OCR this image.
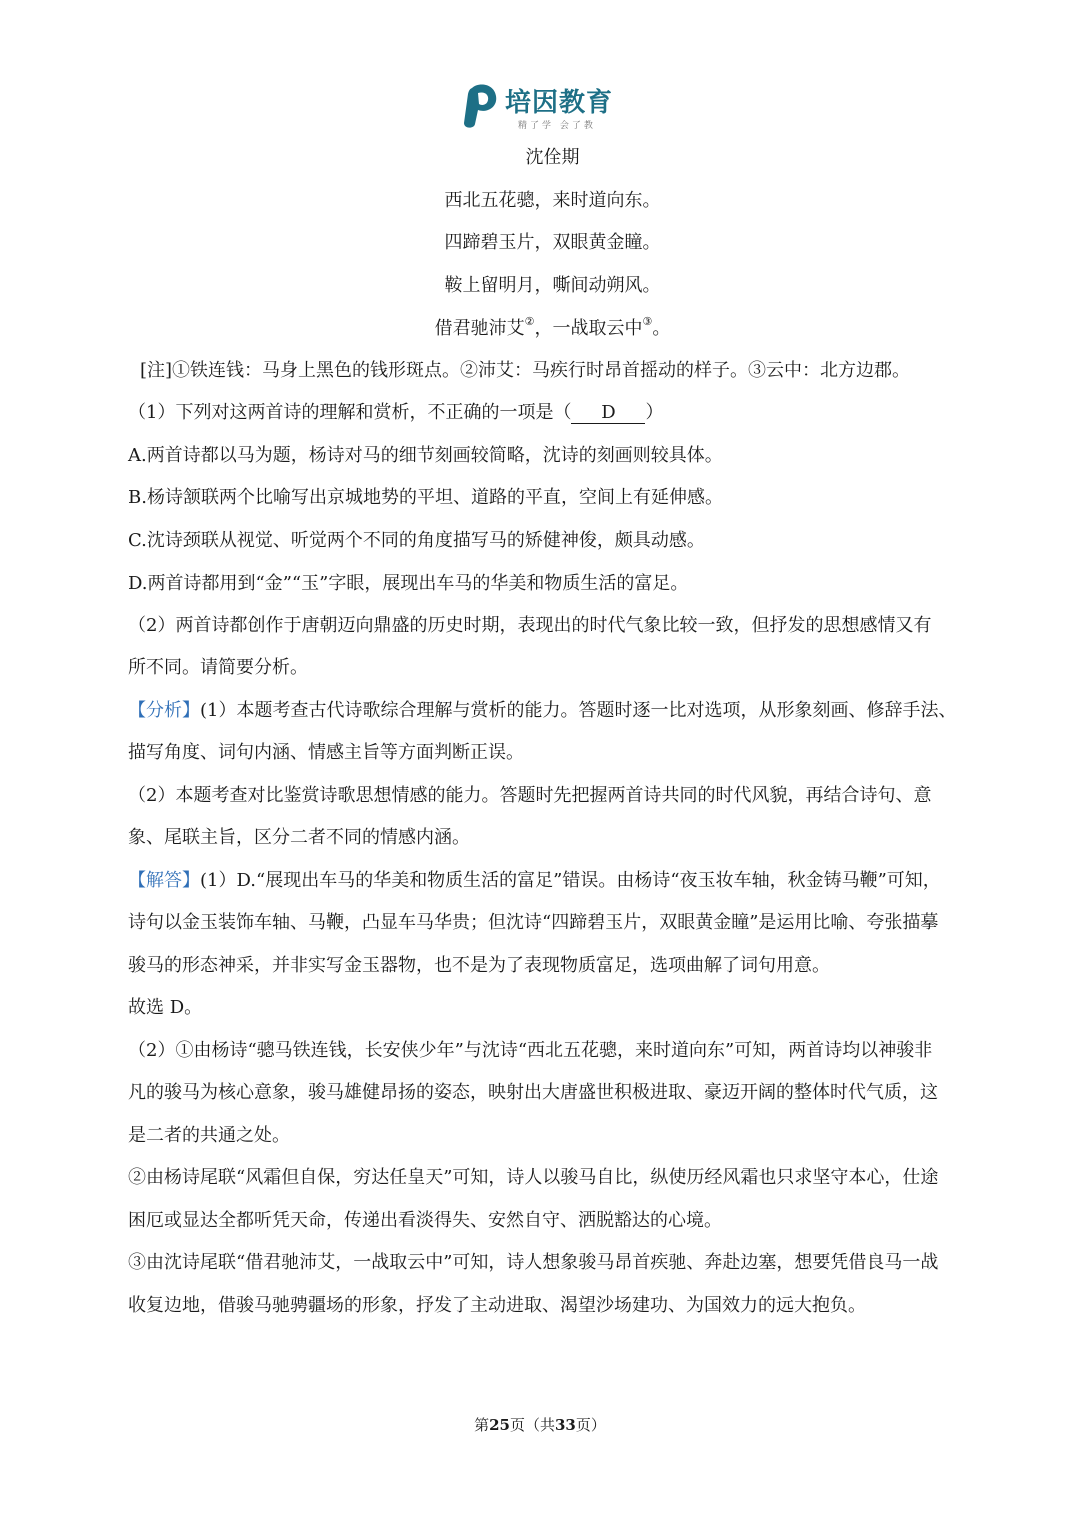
培因教育
精了学 会了教
沈佺期
西北五花骢，来时道向东。
四蹄碧玉片，双眼黄金瞳。
鞍上留明月，嘶间动朔风。
借君驰沛艾②，一战取云中③。
[注]①铁连钱：马身上黑色的钱形斑点。②沛艾：马疾行时昂首摇动的样子。③云中：北方边郡。
（1）下列对这两首诗的理解和赏析，不正确的一项是（ D ）
A.两首诗都以马为题，杨诗对马的细节刻画较简略，沈诗的刻画则较具体。
B.杨诗颔联两个比喻写出京城地势的平坦、道路的平直，空间上有延伸感。
C.沈诗颈联从视觉、听觉两个不同的角度描写马的矫健神俊，颇具动感。
D.两首诗都用到“金”“玉”字眼，展现出车马的华美和物质生活的富足。
（2）两首诗都创作于唐朝迈向鼎盛的历史时期，表现出的时代气象比较一致，但抒发的思想感情又有
所不同。请简要分析。
【分析】(1）本题考查古代诗歌综合理解与赏析的能力。答题时逐一比对选项，从形象刻画、修辞手法、
描写角度、词句内涵、情感主旨等方面判断正误。
（2）本题考查对比鉴赏诗歌思想情感的能力。答题时先把握两首诗共同的时代风貌，再结合诗句、意
象、尾联主旨，区分二者不同的情感内涵。
【解答】(1）D.“展现出车马的华美和物质生活的富足”错误。由杨诗“夜玉妆车轴，秋金铸马鞭”可知，
诗句以金玉装饰车轴、马鞭，凸显车马华贵；但沈诗“四蹄碧玉片，双眼黄金瞳”是运用比喻、夸张描摹
骏马的形态神采，并非实写金玉器物，也不是为了表现物质富足，选项曲解了词句用意。
故选 D。
（2）①由杨诗“骢马铁连钱，长安侠少年”与沈诗“西北五花骢，来时道向东”可知，两首诗均以神骏非
凡的骏马为核心意象，骏马雄健昂扬的姿态，映射出大唐盛世积极进取、豪迈开阔的整体时代气质，这
是二者的共通之处。
②由杨诗尾联“风霜但自保，穷达任皇天”可知，诗人以骏马自比，纵使历经风霜也只求坚守本心，仕途
困厄或显达全都听凭天命，传递出看淡得失、安然自守、洒脱豁达的心境。
③由沈诗尾联“借君驰沛艾，一战取云中”可知，诗人想象骏马昂首疾驰、奔赴边塞，想要凭借良马一战
收复边地，借骏马驰骋疆场的形象，抒发了主动进取、渴望沙场建功、为国效力的远大抱负。
第25页（共33页）
